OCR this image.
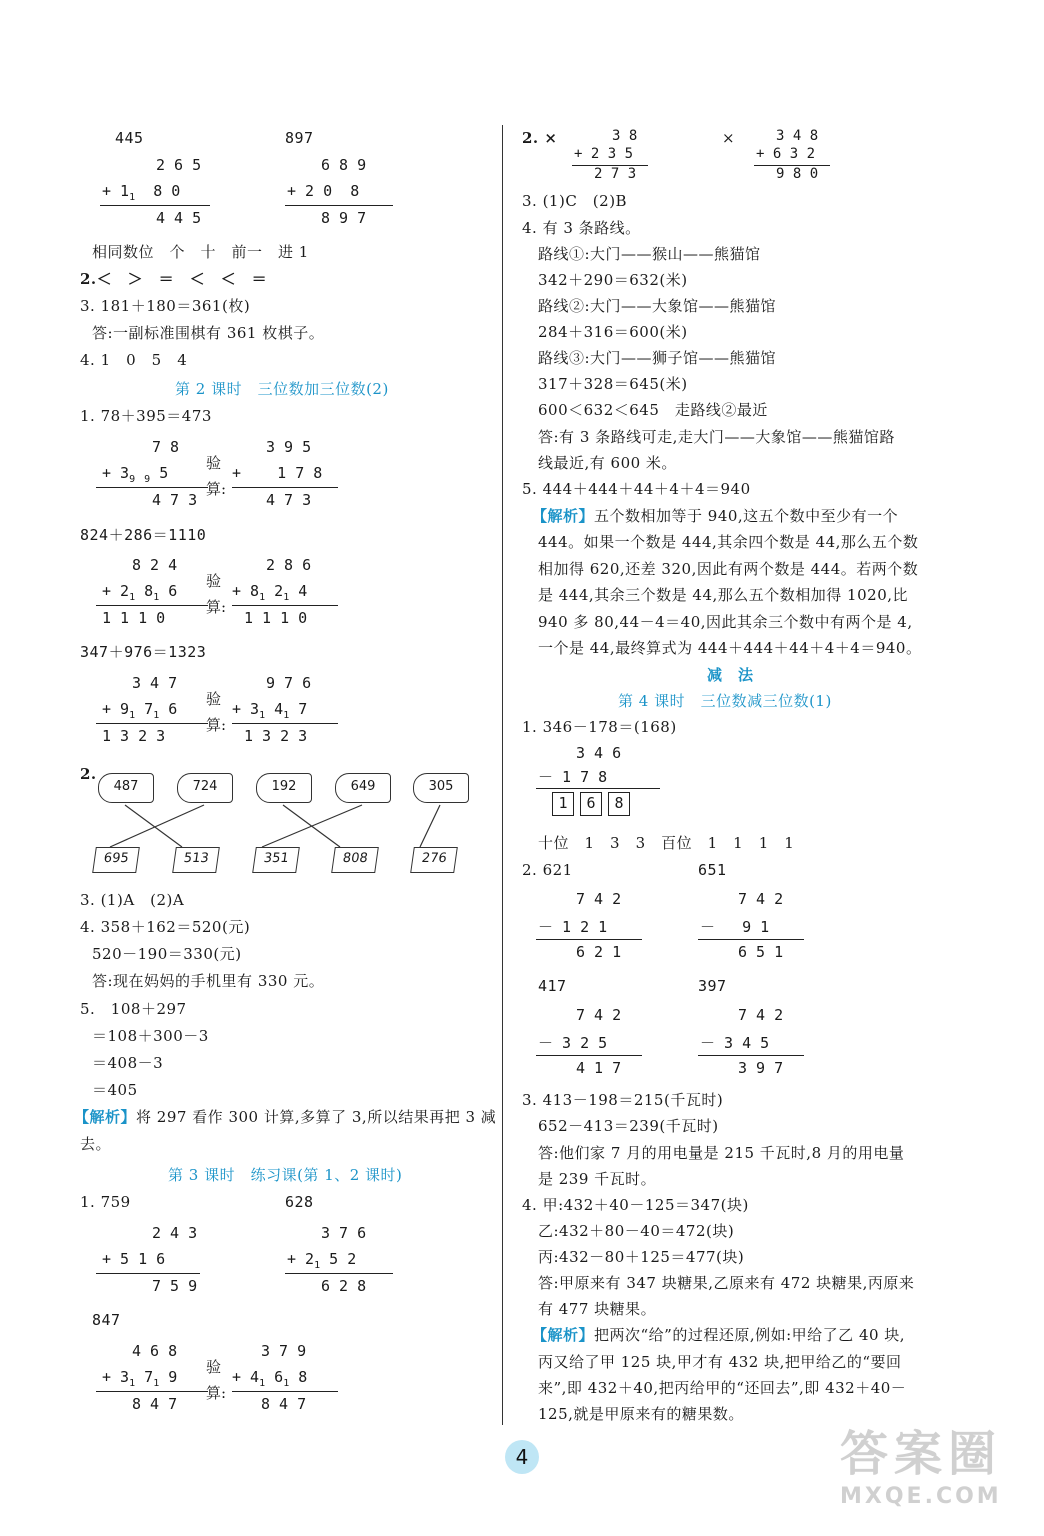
445	897
2 6 5
+ $1_1$ 8 0
4 4 5
6 8 9
+ 2 0 8
8 9 7
相同数位　个　十　前一　进 1
2.＜　＞　＝　＜　＜　＝
3. 181＋180＝361(枚)
答:一副标准围棋有 361 枚棋子。
4. 1　0　5　4
第 2 课时　三位数加三位数(2)
1. 78＋395＝473
7 8
+ $3_9$ $_9$ 5
4 7 3
验
算:
3 9 5
+    1 7 8
4 7 3
824＋286＝1110
8 2 4
+ $2_1$ $8_1$ 6
1 1 1 0
验
算:
2 8 6
+ $8_1$ $2_1$ 4
1 1 1 0
347＋976＝1323
3 4 7
+ $9_1$ $7_1$ 6
1 3 2 3
验
算:
9 7 6
+ $3_1$ $4_1$ 7
1 3 2 3
2.
487	724	192	649	305
695	513	351	808	276
3. (1)A　(2)A
4. 358＋162＝520(元)
520－190＝330(元)
答:现在妈妈的手机里有 330 元。
5.　108＋297
＝108＋300－3
＝408－3
＝405
【解析】将 297 看作 300 计算,多算了 3,所以结果再把 3 减
去。
第 3 课时　练习课(第 1、2 课时)
1. 759	628
2 4 3
+ 5 1 6
7 5 9
3 7 6
+ $2_1$ 5 2
6 2 8
847
4 6 8
+ $3_1$ $7_1$ 9
8 4 7
验
算:
3 7 9
+ $4_1$ $6_1$ 8
8 4 7
2. ×	3 8
+ 2 3 5
2 7 3
×	3 4 8
+ 6 3 2
9 8 0
3. (1)C　(2)B
4. 有 3 条路线。
路线①:大门——猴山——熊猫馆
342＋290＝632(米)
路线②:大门——大象馆——熊猫馆
284＋316＝600(米)
路线③:大门——狮子馆——熊猫馆
317＋328＝645(米)
600＜632＜645　走路线②最近
答:有 3 条路线可走,走大门——大象馆——熊猫馆路
线最近,有 600 米。
5. 444＋444＋44＋4＋4＝940
【解析】五个数相加等于 940,这五个数中至少有一个
444。如果一个数是 444,其余四个数是 44,那么五个数
相加得 620,还差 320,因此有两个数是 444。若两个数
是 444,其余三个数是 44,那么五个数相加得 1020,比
940 多 80,44－4＝40,因此其余三个数中有两个是 4,
一个是 44,最终算式为 444＋444＋44＋4＋4＝940。
减　法
第 4 课时　三位数减三位数(1)
1. 346－178＝(168)
3 4 6
－ 1 7 8
1 6 8
十位　1　3　3　百位　1　1　1　1
2. 621	651
7 4 2
－ 1 2 1
6 2 1
7 4 2
－   9 1
6 5 1
417	397
7 4 2
－ 3 2 5
4 1 7
7 4 2
－ 3 4 5
3 9 7
3. 413－198＝215(千瓦时)
652－413＝239(千瓦时)
答:他们家 7 月的用电量是 215 千瓦时,8 月的用电量
是 239 千瓦时。
4. 甲:432＋40－125＝347(块)
乙:432＋80－40＝472(块)
丙:432－80＋125＝477(块)
答:甲原来有 347 块糖果,乙原来有 472 块糖果,丙原来
有 477 块糖果。
【解析】把两次“给”的过程还原,例如:甲给了乙 40 块,
丙又给了甲 125 块,甲才有 432 块,把甲给乙的“要回
来”,即 432＋40,把丙给甲的“还回去”,即 432＋40－
125,就是甲原来有的糖果数。
4	答案圈
MXQE.COM
